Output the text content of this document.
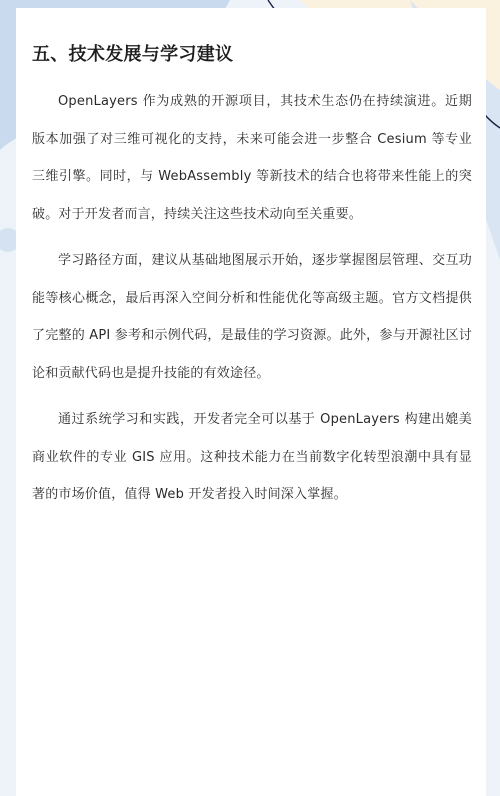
五、技术发展与学习建议

OpenLayers 作为成熟的开源项目，其技术生态仍在持续演进。近期版本加强了对三维可视化的支持，未来可能会进一步整合 Cesium 等专业三维引擎。同时，与 WebAssembly 等新技术的结合也将带来性能上的突破。对于开发者而言，持续关注这些技术动向至关重要。

学习路径方面，建议从基础地图展示开始，逐步掌握图层管理、交互功能等核心概念，最后再深入空间分析和性能优化等高级主题。官方文档提供了完整的 API 参考和示例代码，是最佳的学习资源。此外，参与开源社区讨论和贡献代码也是提升技能的有效途径。

通过系统学习和实践，开发者完全可以基于 OpenLayers 构建出媲美商业软件的专业 GIS 应用。这种技术能力在当前数字化转型浪潮中具有显著的市场价值，值得 Web 开发者投入时间深入掌握。
